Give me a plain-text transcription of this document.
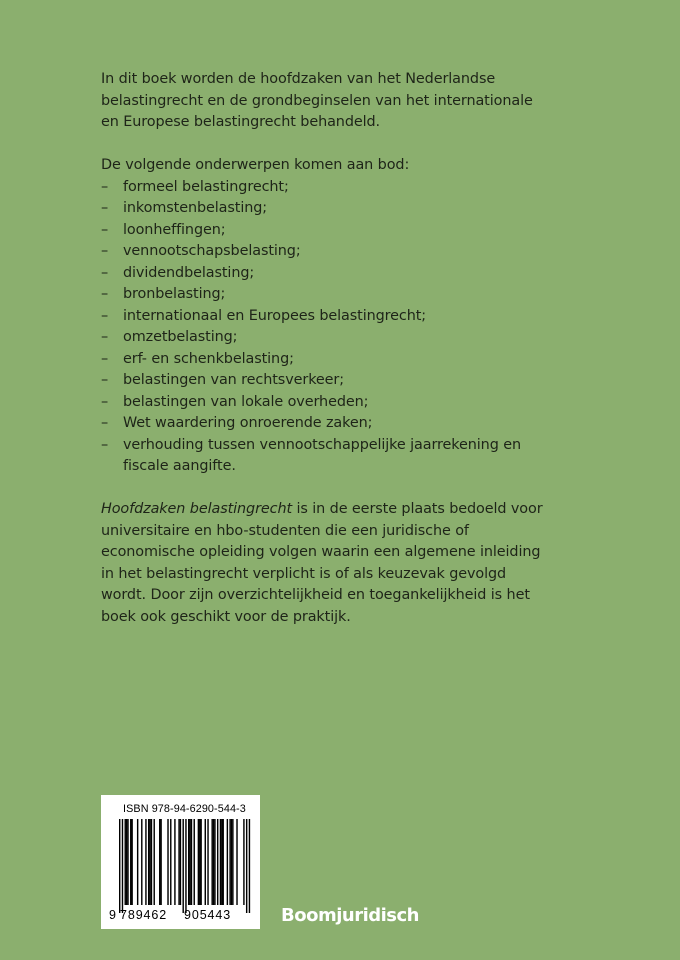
In dit boek worden de hoofdzaken van het Nederlandse belastingrecht en de grondbeginselen van het internationale en Europese belastingrecht behandeld.

De volgende onderwerpen komen aan bod:

– formeel belastingrecht;
– inkomstenbelasting;
– loonheffingen;
– vennootschapsbelasting;
– dividendbelasting;
– bronbelasting;
– internationaal en Europees belastingrecht;
– omzetbelasting;
– erf- en schenkbelasting;
– belastingen van rechtsverkeer;
– belastingen van lokale overheden;
– Wet waardering onroerende zaken;
– verhouding tussen vennootschappelijke jaarrekening en fiscale aangifte.

Hoofdzaken belastingrecht is in de eerste plaats bedoeld voor universitaire en hbo-studenten die een juridische of economische opleiding volgen waarin een algemene inleiding in het belastingrecht verplicht is of als keuzevak gevolgd wordt. Door zijn overzichtelijkheid en toegankelijkheid is het boek ook geschikt voor de praktijk.

ISBN 978-94-6290-544-3
9 789462 905443	Boomjuridisch
